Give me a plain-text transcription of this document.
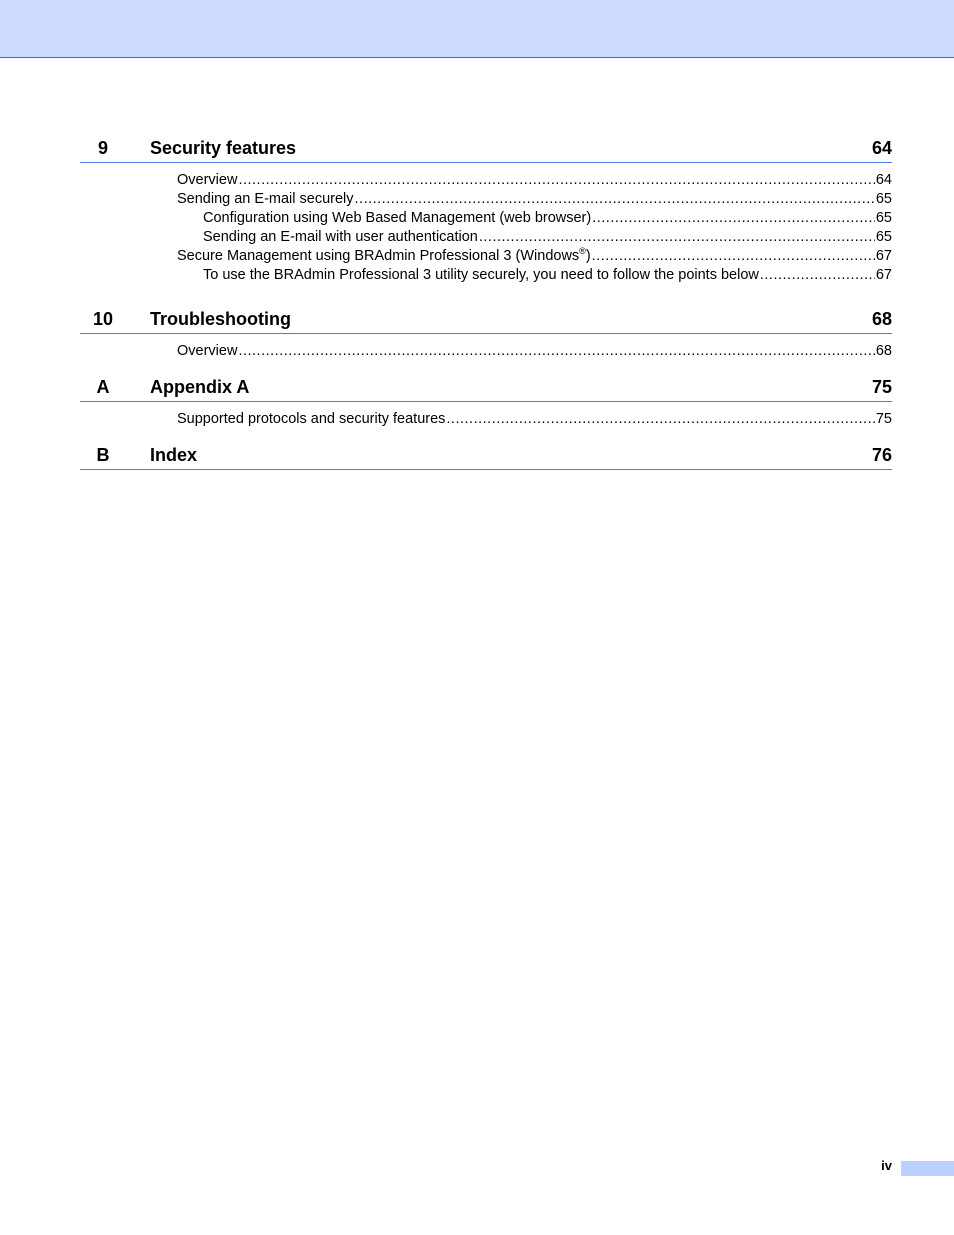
9	Security features	64
Overview .....	64
Sending an E-mail securely .....	65
Configuration using Web Based Management (web browser) .....	65
Sending an E-mail with user authentication .....	65
Secure Management using BRAdmin Professional 3 (Windows®) .....	67
To use the BRAdmin Professional 3 utility securely, you need to follow the points below .....	67
10	Troubleshooting	68
Overview .....	68
A	Appendix A	75
Supported protocols and security features .....	75
B	Index	76
iv
